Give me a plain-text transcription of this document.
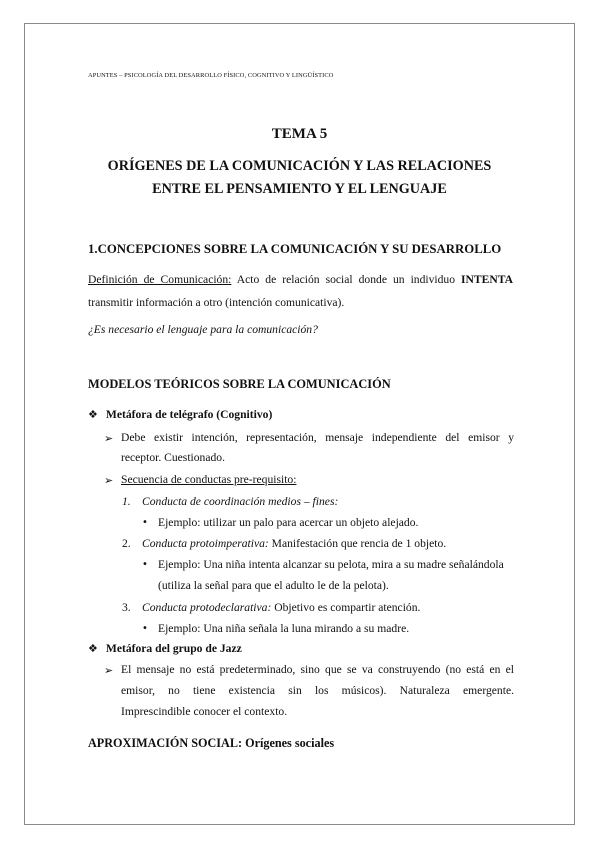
APUNTES – PSICOLOGÍA DEL DESARROLLO FÍSICO, COGNITIVO Y LINGÜÍSTICO
TEMA 5
ORÍGENES DE LA COMUNICACIÓN Y LAS RELACIONES
ENTRE EL PENSAMIENTO Y EL LENGUAJE
1.CONCEPCIONES SOBRE LA COMUNICACIÓN Y SU DESARROLLO
Definición de Comunicación: Acto de relación social donde un individuo INTENTA
transmitir información a otro (intención comunicativa).
¿Es necesario el lenguaje para la comunicación?
MODELOS TEÓRICOS SOBRE LA COMUNICACIÓN
❖ Metáfora de telégrafo (Cognitivo)
➢ Debe existir intención, representación, mensaje independiente del emisor y
receptor. Cuestionado.
➢ Secuencia de conductas pre-requisito:
1. Conducta de coordinación medios – fines:
• Ejemplo: utilizar un palo para acercar un objeto alejado.
2. Conducta protoimperativa: Manifestación que rencia de 1 objeto.
• Ejemplo: Una niña intenta alcanzar su pelota, mira a su madre señalándola
(utiliza la señal para que el adulto le de la pelota).
3. Conducta protodeclarativa: Objetivo es compartir atención.
• Ejemplo: Una niña señala la luna mirando a su madre.
❖ Metáfora del grupo de Jazz
➢ El mensaje no está predeterminado, sino que se va construyendo (no está en el
emisor, no tiene existencia sin los músicos). Naturaleza emergente.
Imprescindible conocer el contexto.
APROXIMACIÓN SOCIAL: Orígenes sociales
